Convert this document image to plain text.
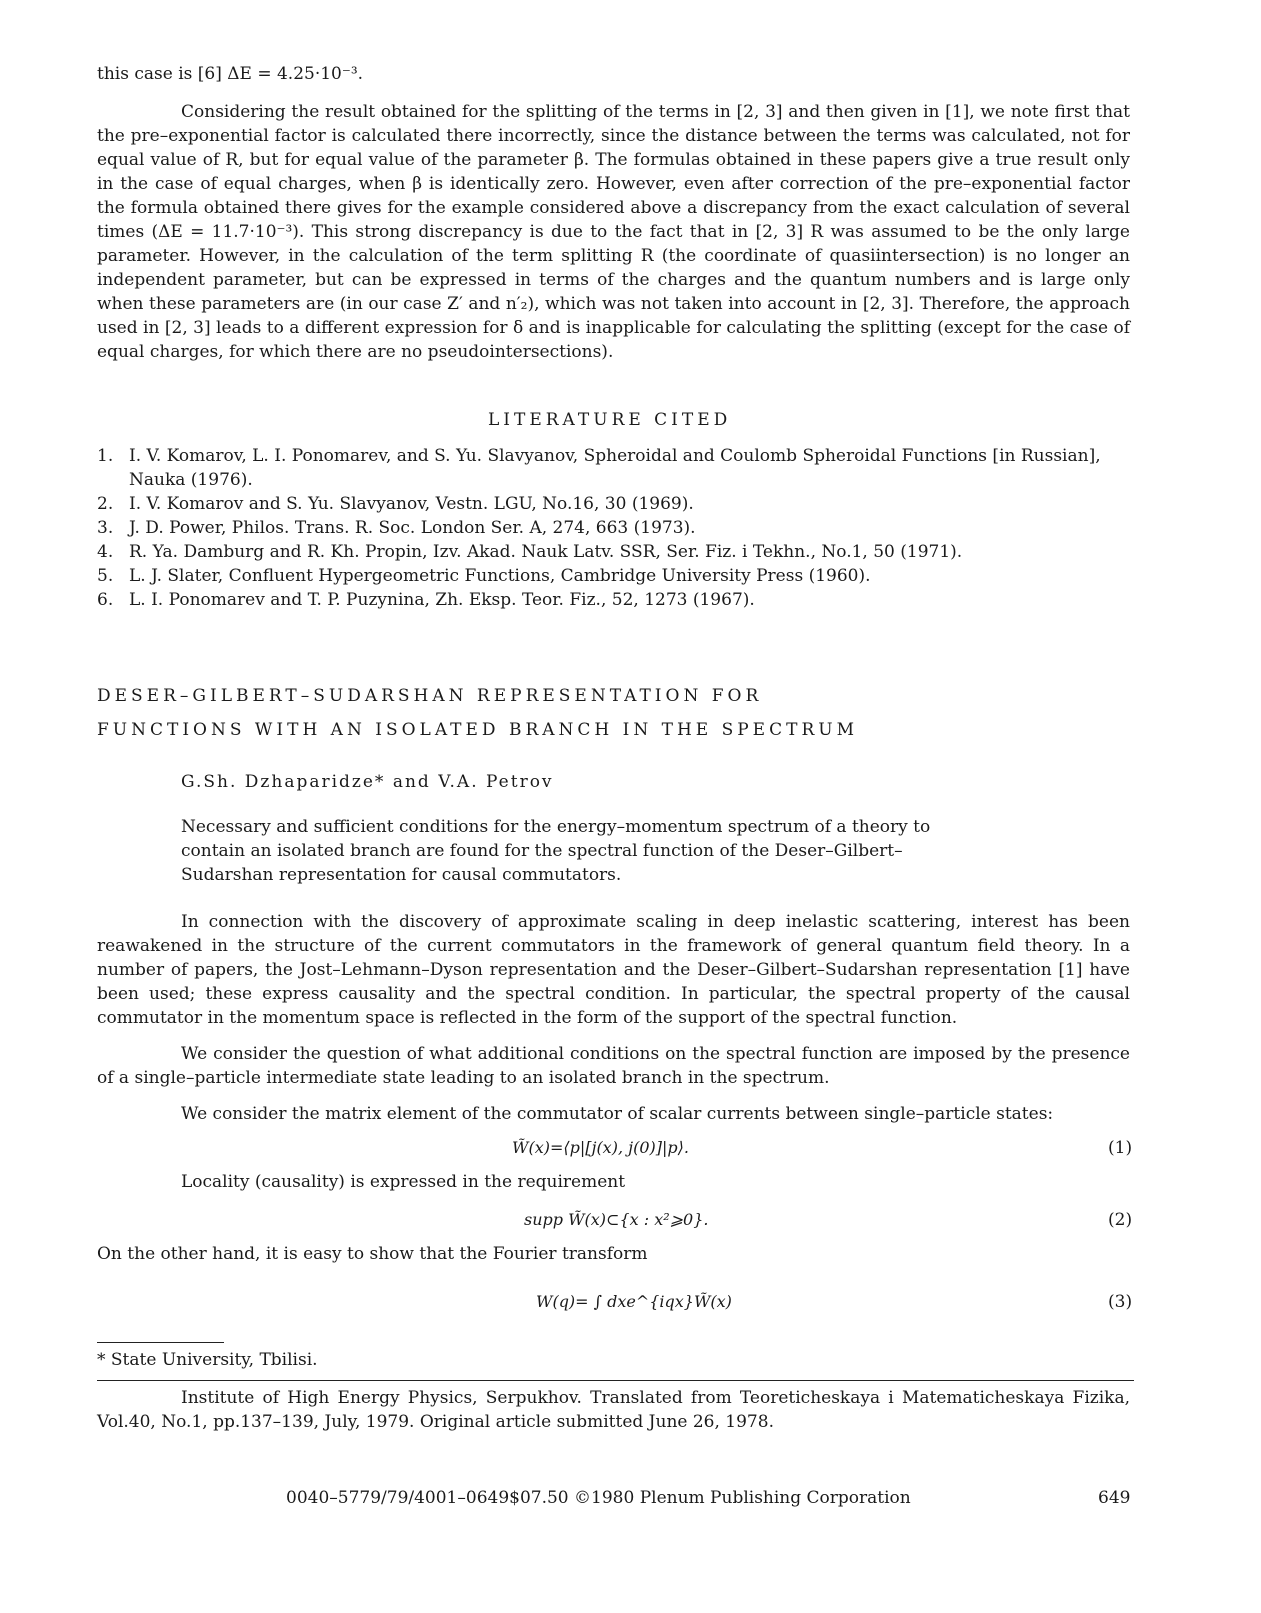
this case is [6] ΔE = 4.25·10⁻³.
Considering the result obtained for the splitting of the terms in [2, 3] and then given in [1], we note first that the pre–exponential factor is calculated there incorrectly, since the distance between the terms was calculated, not for equal value of R, but for equal value of the parameter β. The formulas obtained in these papers give a true result only in the case of equal charges, when β is identically zero. However, even after correction of the pre–exponential factor the formula obtained there gives for the example considered above a discrepancy from the exact calculation of several times (ΔE = 11.7·10⁻³). This strong discrepancy is due to the fact that in [2, 3] R was assumed to be the only large parameter. However, in the calculation of the term splitting R (the coordinate of quasiintersection) is no longer an independent parameter, but can be expressed in terms of the charges and the quantum numbers and is large only when these parameters are (in our case Z′ and n′₂), which was not taken into account in [2, 3]. Therefore, the approach used in [2, 3] leads to a different expression for δ and is inapplicable for calculating the splitting (except for the case of equal charges, for which there are no pseudointersections).
LITERATURE CITED
1. I. V. Komarov, L. I. Ponomarev, and S. Yu. Slavyanov, Spheroidal and Coulomb Spheroidal Functions [in Russian], Nauka (1976).
2. I. V. Komarov and S. Yu. Slavyanov, Vestn. LGU, No.16, 30 (1969).
3. J. D. Power, Philos. Trans. R. Soc. London Ser. A, 274, 663 (1973).
4. R. Ya. Damburg and R. Kh. Propin, Izv. Akad. Nauk Latv. SSR, Ser. Fiz. i Tekhn., No.1, 50 (1971).
5. L. J. Slater, Confluent Hypergeometric Functions, Cambridge University Press (1960).
6. L. I. Ponomarev and T. P. Puzynina, Zh. Eksp. Teor. Fiz., 52, 1273 (1967).
DESER–GILBERT–SUDARSHAN REPRESENTATION FOR
FUNCTIONS WITH AN ISOLATED BRANCH IN THE SPECTRUM
G.Sh. Dzhaparidze* and V.A. Petrov
Necessary and sufficient conditions for the energy–momentum spectrum of a theory to contain an isolated branch are found for the spectral function of the Deser–Gilbert–Sudarshan representation for causal commutators.
In connection with the discovery of approximate scaling in deep inelastic scattering, interest has been reawakened in the structure of the current commutators in the framework of general quantum field theory. In a number of papers, the Jost–Lehmann–Dyson representation and the Deser–Gilbert–Sudarshan representation [1] have been used; these express causality and the spectral condition. In particular, the spectral property of the causal commutator in the momentum space is reflected in the form of the support of the spectral function.
We consider the question of what additional conditions on the spectral function are imposed by the presence of a single–particle intermediate state leading to an isolated branch in the spectrum.
We consider the matrix element of the commutator of scalar currents between single–particle states:
W̃(x)=⟨p|[j(x), j(0)]|p⟩.	(1)
Locality (causality) is expressed in the requirement
supp W̃(x)⊂{x : x²⩾0}.	(2)
On the other hand, it is easy to show that the Fourier transform
W(q)= ∫ dxe^{iqx}W̃(x)	(3)
* State University, Tbilisi.
Institute of High Energy Physics, Serpukhov. Translated from Teoreticheskaya i Matematicheskaya Fizika, Vol.40, No.1, pp.137–139, July, 1979. Original article submitted June 26, 1978.
0040–5779/79/4001–0649$07.50 ©1980 Plenum Publishing Corporation	649
